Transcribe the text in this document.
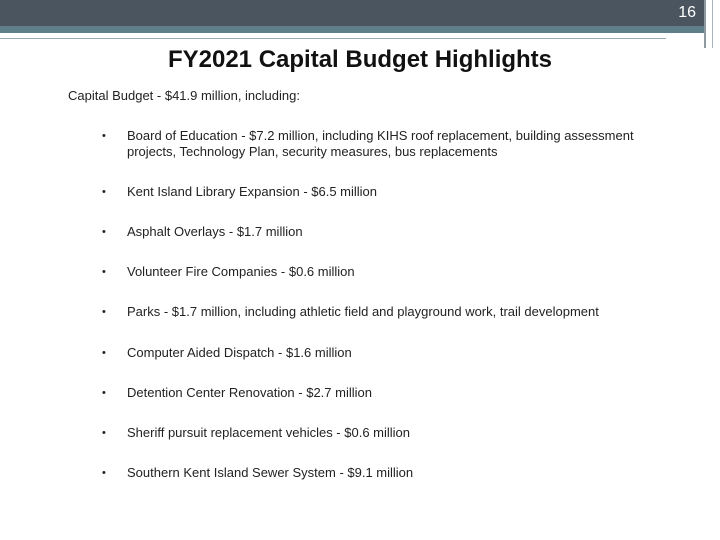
16
FY2021 Capital Budget Highlights
Capital Budget - $41.9 million, including:
• Board of Education - $7.2 million, including KIHS roof replacement, building assessment projects, Technology Plan, security measures, bus replacements
• Kent Island Library Expansion - $6.5 million
• Asphalt Overlays - $1.7 million
• Volunteer Fire Companies - $0.6 million
• Parks - $1.7 million, including athletic field and playground work, trail development
• Computer Aided Dispatch - $1.6 million
• Detention Center Renovation - $2.7 million
• Sheriff pursuit replacement vehicles - $0.6 million
• Southern Kent Island Sewer System - $9.1 million
